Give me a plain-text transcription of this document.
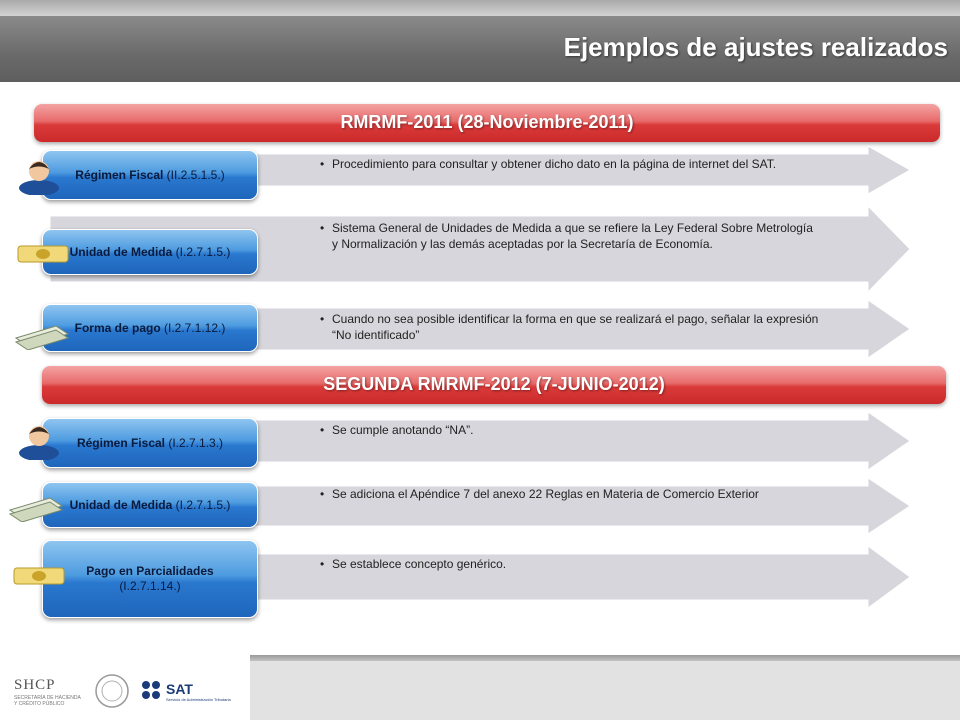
Ejemplos de ajustes realizados
RMRMF-2011 (28-Noviembre-2011)
• Procedimiento para consultar y obtener dicho dato en la página de internet del SAT.
Régimen Fiscal (II.2.5.1.5.)
• Sistema General de Unidades de Medida a que se refiere la Ley Federal Sobre Metrología y Normalización y las demás aceptadas por la Secretaría de Economía.
Unidad de Medida (I.2.7.1.5.)
• Cuando no sea posible identificar la forma en que se realizará el pago, señalar la expresión “No identificado”
Forma de pago (I.2.7.1.12.)
SEGUNDA RMRMF-2012 (7-JUNIO-2012)
• Se cumple anotando “NA”.
Régimen Fiscal (I.2.7.1.3.)
• Se adiciona el Apéndice 7 del anexo 22 Reglas en Materia de Comercio Exterior
Unidad de Medida (I.2.7.1.5.)
• Se establece concepto genérico.
Pago en Parcialidades
(I.2.7.1.14.)
SHCP
SECRETARÍA DE HACIENDA Y CRÉDITO PÚBLICO
SAT
Servicio de Administración Tributaria
